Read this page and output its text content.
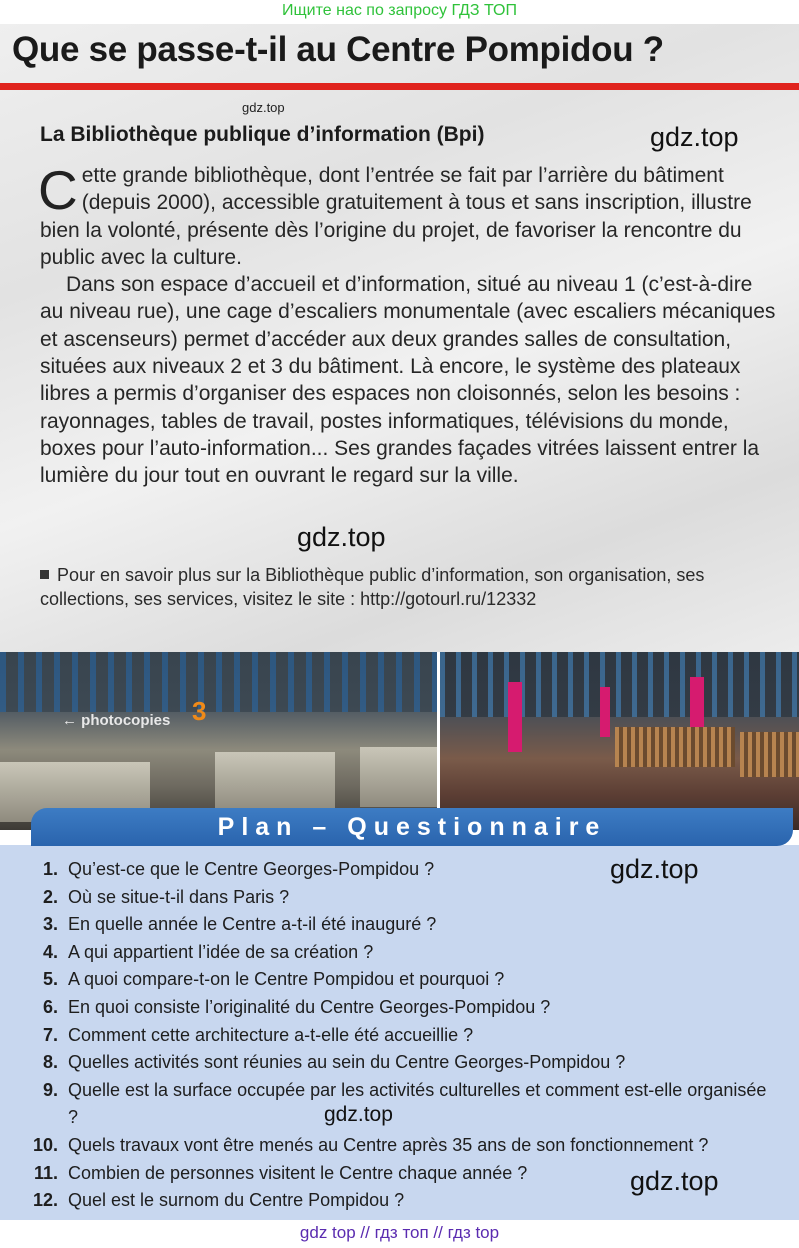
Ищите нас по запросу ГДЗ ТОП
Que se passe-t-il au Centre Pompidou ?
gdz.top
gdz.top
La Bibliothèque publique d’information (Bpi)

Cette grande bibliothèque, dont l’entrée se fait par l’arrière du bâtiment (depuis 2000), accessible gratuitement à tous et sans inscription, illustre bien la volonté, présente dès l’origine du projet, de favoriser la rencontre du public avec la culture.

Dans son espace d’accueil et d’information, situé au niveau 1 (c’est-à-dire au niveau rue), une cage d’escaliers monumentale (avec escaliers mécaniques et ascenseurs) permet d’accéder aux deux grandes salles de consultation, situées aux niveaux 2 et 3 du bâtiment. Là encore, le système des plateaux libres a permis d’organiser des espaces non cloisonnés, selon les besoins : rayonnages, tables de travail, postes informatiques, télévisions du monde, boxes pour l’auto-information... Ses grandes façades vitrées laissent entrer la lumière du jour tout en ouvrant le regard sur la ville.

gdz.top
Pour en savoir plus sur la Bibliothèque public d’information, son organisation, ses collections, ses services, visitez le site : http://gotourl.ru/12332
← photocopies 3
Plan – Questionnaire
1. Qu’est-ce que le Centre Georges-Pompidou ?
2. Où se situe-t-il dans Paris ?
3. En quelle année le Centre a-t-il été inauguré ?
4. A qui appartient l’idée de sa création ?
5. A quoi compare-t-on le Centre Pompidou et pourquoi ?
6. En quoi consiste l’originalité du Centre Georges-Pompidou ?
7. Comment cette architecture a-t-elle été accueillie ?
8. Quelles activités sont réunies au sein du Centre Georges-Pompidou ?
9. Quelle est la surface occupée par les activités culturelles et comment est-elle organisée ?
10. Quels travaux vont être menés au Centre après 35 ans de son fonctionnement ?
11. Combien de personnes visitent le Centre chaque année ?
12. Quel est le surnom du Centre Pompidou ?
gdz.top
gdz.top
gdz.top
gdz top // гдз топ // гдз top
